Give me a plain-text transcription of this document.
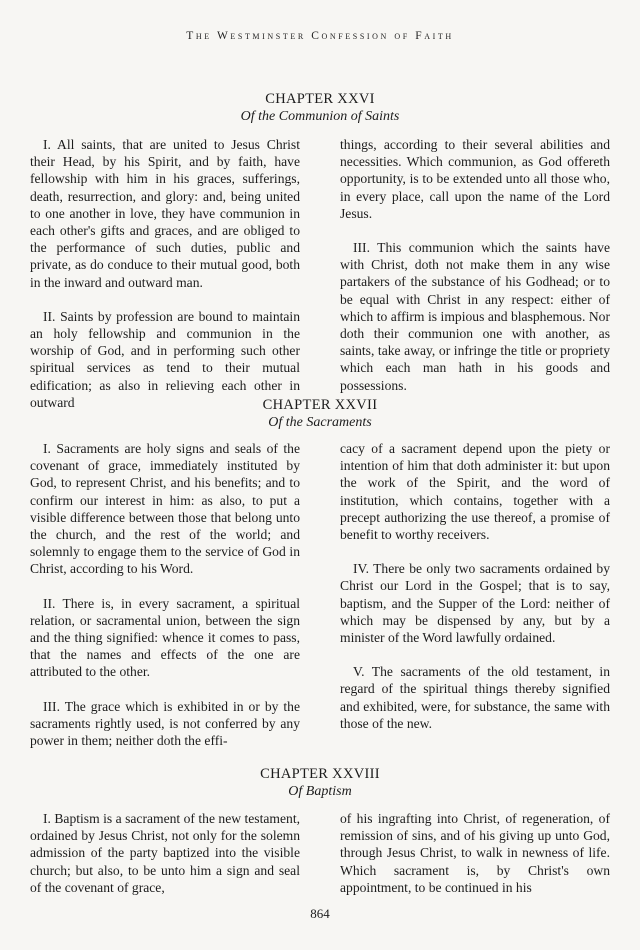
The Westminster Confession of Faith

CHAPTER XXVI

Of the Communion of Saints

I. All saints, that are united to Jesus Christ their Head, by his Spirit, and by faith, have fellowship with him in his graces, sufferings, death, resurrection, and glory: and, being united to one another in love, they have communion in each other's gifts and graces, and are obliged to the performance of such duties, public and private, as do conduce to their mutual good, both in the inward and outward man.

II. Saints by profession are bound to maintain an holy fellowship and communion in the worship of God, and in performing such other spiritual services as tend to their mutual edification; as also in relieving each other in outward

things, according to their several abilities and necessities. Which communion, as God offereth opportunity, is to be extended unto all those who, in every place, call upon the name of the Lord Jesus.

III. This communion which the saints have with Christ, doth not make them in any wise partakers of the substance of his Godhead; or to be equal with Christ in any respect: either of which to affirm is impious and blasphemous. Nor doth their communion one with another, as saints, take away, or infringe the title or propriety which each man hath in his goods and possessions.

CHAPTER XXVII

Of the Sacraments

I. Sacraments are holy signs and seals of the covenant of grace, immediately instituted by God, to represent Christ, and his benefits; and to confirm our interest in him: as also, to put a visible difference between those that belong unto the church, and the rest of the world; and solemnly to engage them to the service of God in Christ, according to his Word.

II. There is, in every sacrament, a spiritual relation, or sacramental union, between the sign and the thing signified: whence it comes to pass, that the names and effects of the one are attributed to the other.

III. The grace which is exhibited in or by the sacraments rightly used, is not conferred by any power in them; neither doth the effi-

cacy of a sacrament depend upon the piety or intention of him that doth administer it: but upon the work of the Spirit, and the word of institution, which contains, together with a precept authorizing the use thereof, a promise of benefit to worthy receivers.

IV. There be only two sacraments ordained by Christ our Lord in the Gospel; that is to say, baptism, and the Supper of the Lord: neither of which may be dispensed by any, but by a minister of the Word lawfully ordained.

V. The sacraments of the old testament, in regard of the spiritual things thereby signified and exhibited, were, for substance, the same with those of the new.

CHAPTER XXVIII

Of Baptism

I. Baptism is a sacrament of the new testament, ordained by Jesus Christ, not only for the solemn admission of the party baptized into the visible church; but also, to be unto him a sign and seal of the covenant of grace,

of his ingrafting into Christ, of regeneration, of remission of sins, and of his giving up unto God, through Jesus Christ, to walk in newness of life. Which sacrament is, by Christ's own appointment, to be continued in his

864
